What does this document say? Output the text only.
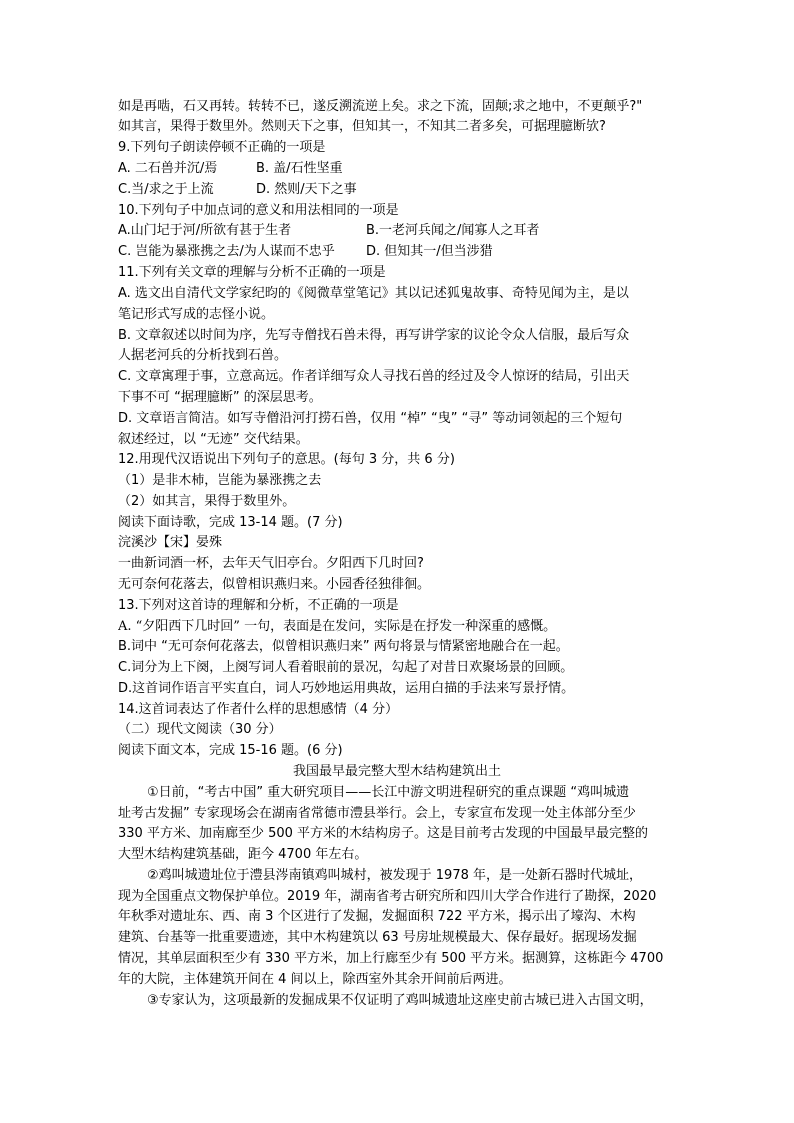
如是再啮，石又再转。转转不已，遂反溯流逆上矣。求之下流，固颠;求之地中，不更颠乎?"
如其言，果得于数里外。然则天下之事，但知其一，不知其二者多矣，可据理臆断欤?
9.下列句子朗读停顿不正确的一项是
A. 二石兽并沉/焉	B. 盖/石性坚重
C.当/求之于上流	D. 然则/天下之事
10.下列句子中加点词的意义和用法相同的一项是
A.山门圮于河/所欲有甚于生者	B.一老河兵闻之/闻寡人之耳者
C. 岂能为暴涨携之去/为人谋而不忠乎 D. 但知其一/但当涉猎
11.下列有关文章的理解与分析不正确的一项是
A. 选文出自清代文学家纪昀的《阅微草堂笔记》其以记述狐鬼故事、奇特见闻为主，是以
笔记形式写成的志怪小说。
B. 文章叙述以时间为序，先写寺僧找石兽未得，再写讲学家的议论令众人信服，最后写众
人据老河兵的分析找到石兽。
C. 文章寓理于事，立意高远。作者详细写众人寻找石兽的经过及令人惊讶的结局，引出天
下事不可 “据理臆断” 的深层思考。
D. 文章语言简洁。如写寺僧沿河打捞石兽，仅用 “棹” “曳” “寻” 等动词领起的三个短句
叙述经过，以 “无迹” 交代结果。
12.用现代汉语说出下列句子的意思。(每句 3 分，共 6 分)
（1）是非木杮，岂能为暴涨携之去
（2）如其言，果得于数里外。
阅读下面诗歌，完成 13-14 题。(7 分)
浣溪沙【宋】晏殊
一曲新词酒一杯，去年天气旧亭台。夕阳西下几时回?
无可奈何花落去，似曾相识燕归来。小园香径独徘徊。
13.下列对这首诗的理解和分析，不正确的一项是
A. “夕阳西下几时回” 一句，表面是在发问，实际是在抒发一种深重的感慨。
B.词中 “无可奈何花落去，似曾相识燕归来” 两句将景与情紧密地融合在一起。
C.词分为上下阕，上阕写词人看着眼前的景况，勾起了对昔日欢聚场景的回顾。
D.这首词作语言平实直白，词人巧妙地运用典故，运用白描的手法来写景抒情。
14.这首词表达了作者什么样的思想感情（4 分）
（二）现代文阅读（30 分）
阅读下面文本，完成 15-16 题。(6 分)
我国最早最完整大型木结构建筑出土
①日前，“考古中国” 重大研究项目——长江中游文明进程研究的重点课题 “鸡叫城遗
址考古发掘” 专家现场会在湖南省常德市澧县举行。会上，专家宣布发现一处主体部分至少
330 平方米、加南廊至少 500 平方米的木结构房子。这是目前考古发现的中国最早最完整的
大型木结构建筑基础，距今 4700 年左右。
②鸡叫城遗址位于澧县涔南镇鸡叫城村，被发现于 1978 年，是一处新石器时代城址，
现为全国重点文物保护单位。2019 年，湖南省考古研究所和四川大学合作进行了勘探，2020
年秋季对遗址东、西、南 3 个区进行了发掘，发掘面积 722 平方米，揭示出了壕沟、木构
建筑、台基等一批重要遗迹，其中木构建筑以 63 号房址规模最大、保存最好。据现场发掘
情况，其单层面积至少有 330 平方米，加上行廊至少有 500 平方米。据测算，这栋距今 4700
年的大院，主体建筑开间在 4 间以上，除西室外其余开间前后两进。
③专家认为，这项最新的发掘成果不仅证明了鸡叫城遗址这座史前古城已进入古国文明，
